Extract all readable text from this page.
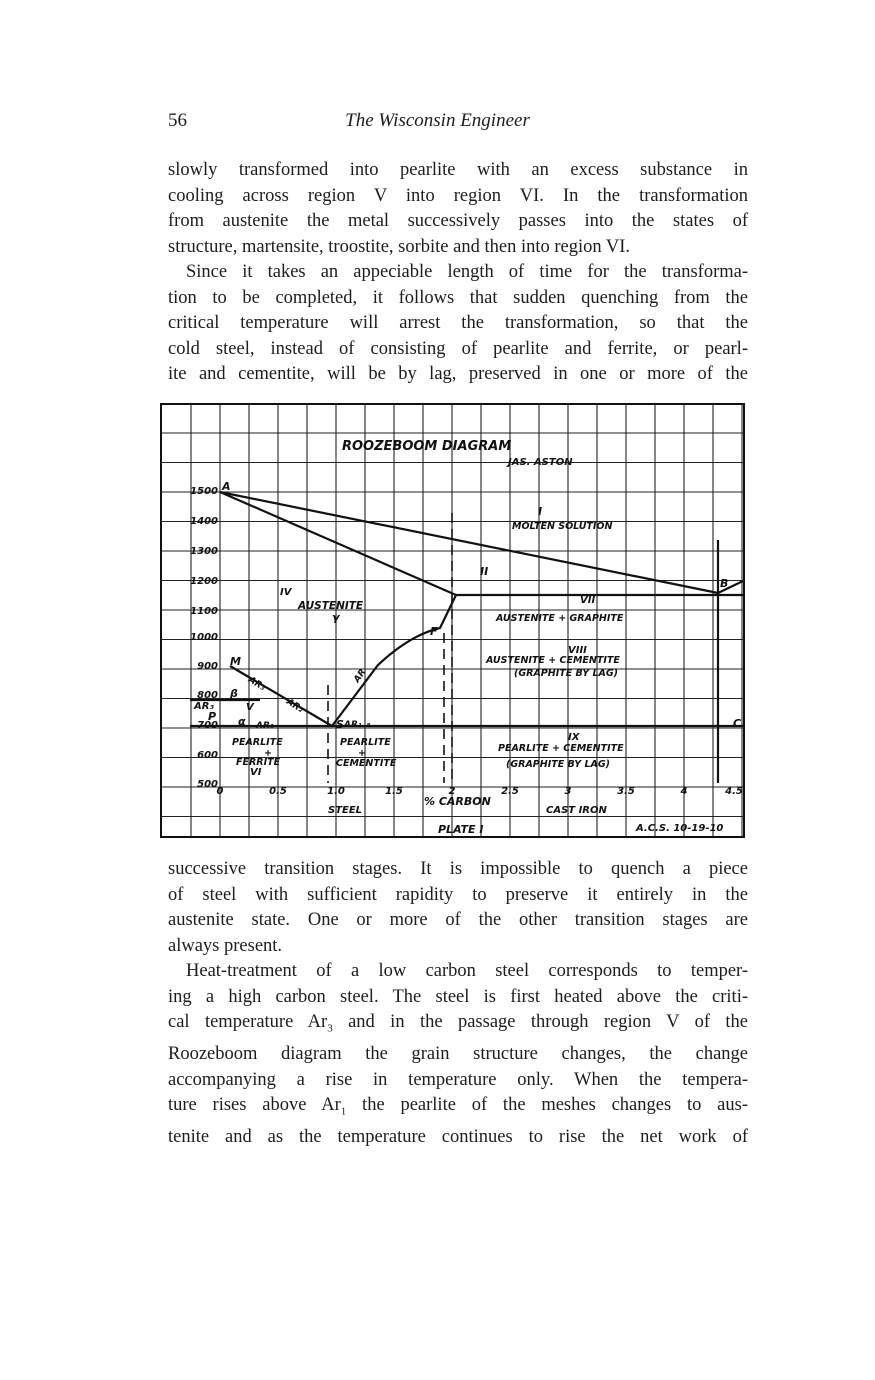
56	The Wisconsin Engineer
slowly transformed into pearlite with an excess substance in
cooling across region V into region VI. In the transformation
from austenite the metal successively passes into the states of
structure, martensite, troostite, sorbite and then into region VI.
Since it takes an appeciable length of time for the transforma-
tion to be completed, it follows that sudden quenching from the
critical temperature will arrest the transformation, so that the
cold steel, instead of consisting of pearlite and ferrite, or pearl-
ite and cementite, will be by lag, preserved in one or more of the
ROOZEBOOM DIAGRAM
JAS. ASTON
1500
1400
1300
1200
1100
1000
900
800
700
600
500
0	0.5	1.0	1.5	2	2.5	3	3.5	4	4.5
% CARBON
STEEL	CAST IRON
PLATE I	A.C.S. 10-19-10
A
B
C
F
M
P
S
β
α
γ
AR₃
AR₃
AR₂
AR₁	AR₁₋₈
AR
I
MOLTEN SOLUTION
II
IV
AUSTENITE	VII
AUSTENITE + GRAPHITE
VIII
AUSTENITE + CEMENTITE
(GRAPHITE BY LAG)
V
IX
PEARLITE + CEMENTITE
(GRAPHITE BY LAG)
PEARLITE
+
FERRITE
VI
PEARLITE
+
CEMENTITE
successive transition stages. It is impossible to quench a piece
of steel with sufficient rapidity to preserve it entirely in the
austenite state. One or more of the other transition stages are
always present.
Heat-treatment of a low carbon steel corresponds to temper-
ing a high carbon steel. The steel is first heated above the criti-
cal temperature $Ar_3$ and in the passage through region V of the
Roozeboom diagram the grain structure changes, the change
accompanying a rise in temperature only. When the tempera-
ture rises above $Ar_1$ the pearlite of the meshes changes to aus-
tenite and as the temperature continues to rise the net work of
